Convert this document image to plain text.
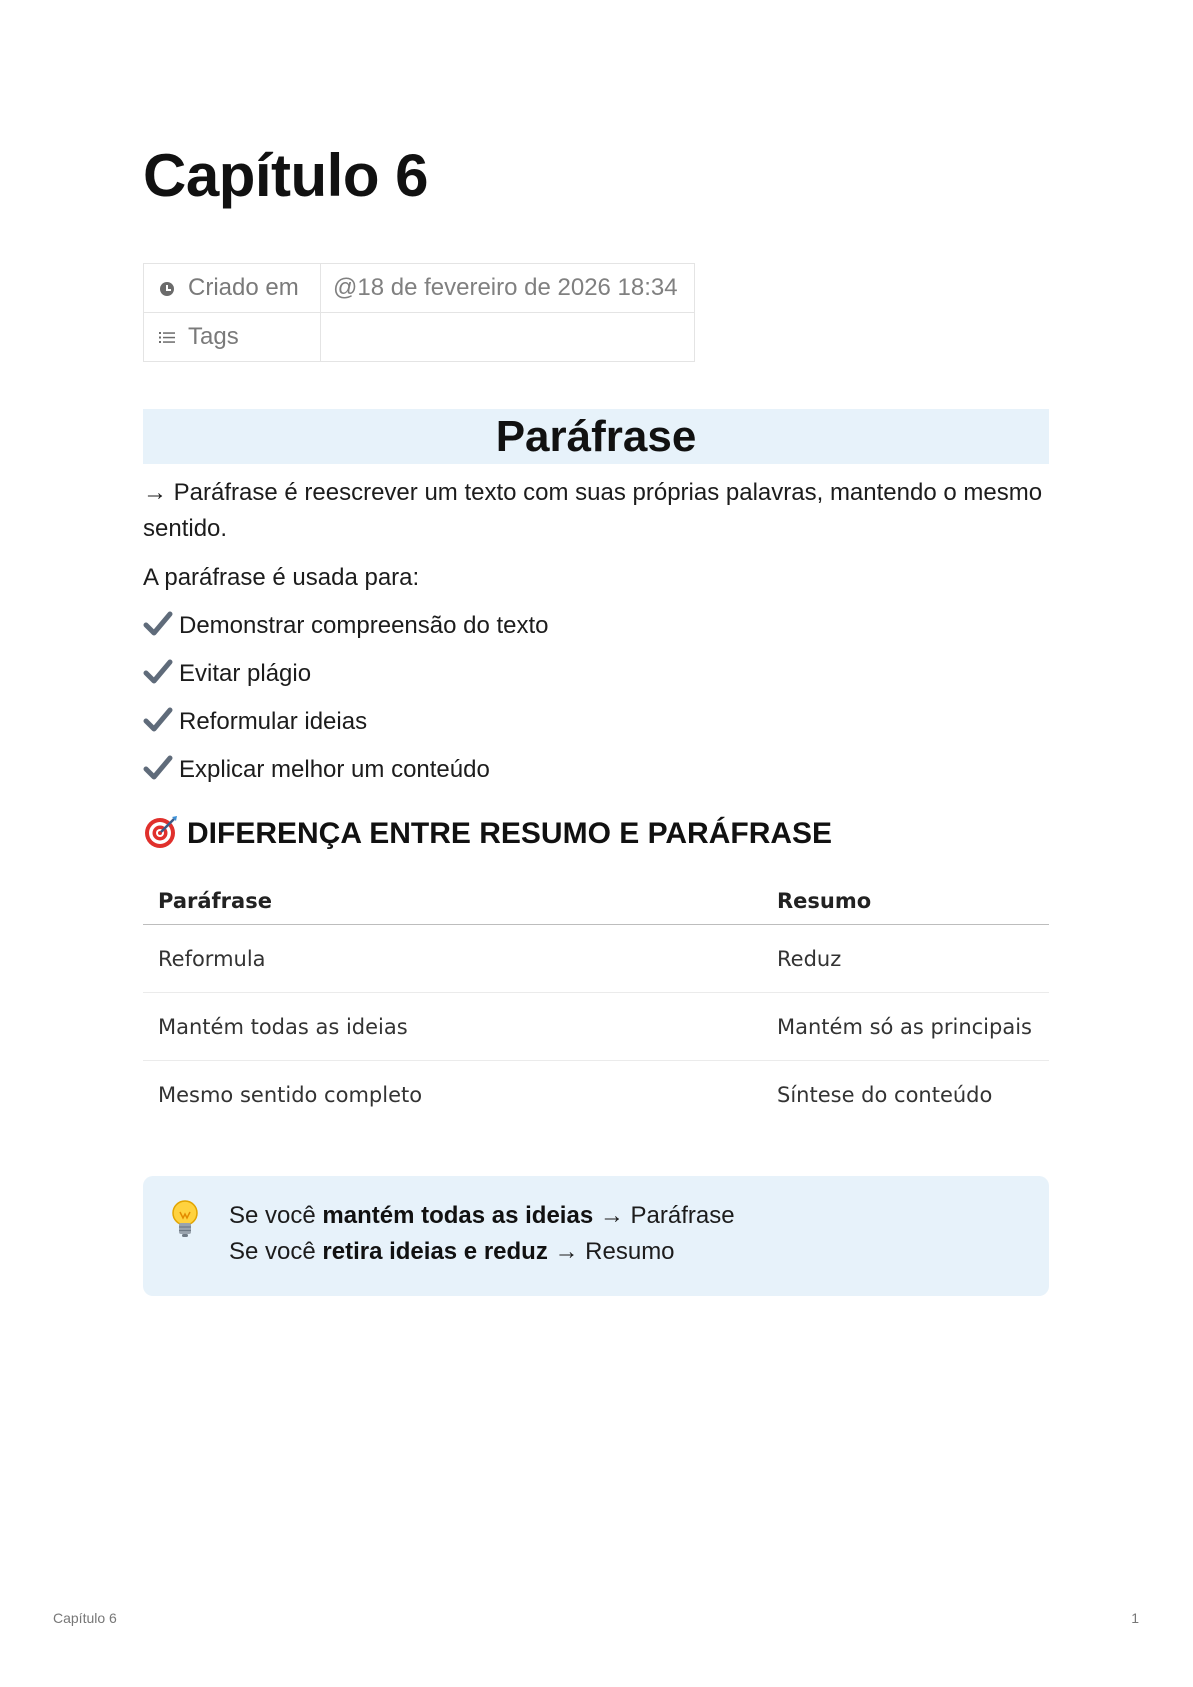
Capítulo 6
Criado em	@18 de fevereiro de 2026 18:34

Tags	
Paráfrase

→ Paráfrase é reescrever um texto com suas próprias palavras, mantendo o mesmo sentido.

A paráfrase é usada para:

Demonstrar compreensão do texto

Evitar plágio

Reformular ideias

Explicar melhor um conteúdo

DIFERENÇA ENTRE RESUMO E PARÁFRASE
Paráfrase	Resumo
Reformula	Reduz
Mantém todas as ideias	Mantém só as principais
Mesmo sentido completo	Síntese do conteúdo

Se você mantém todas as ideias → Paráfrase

Se você retira ideias e reduz → Resumo

Capítulo 6	1
